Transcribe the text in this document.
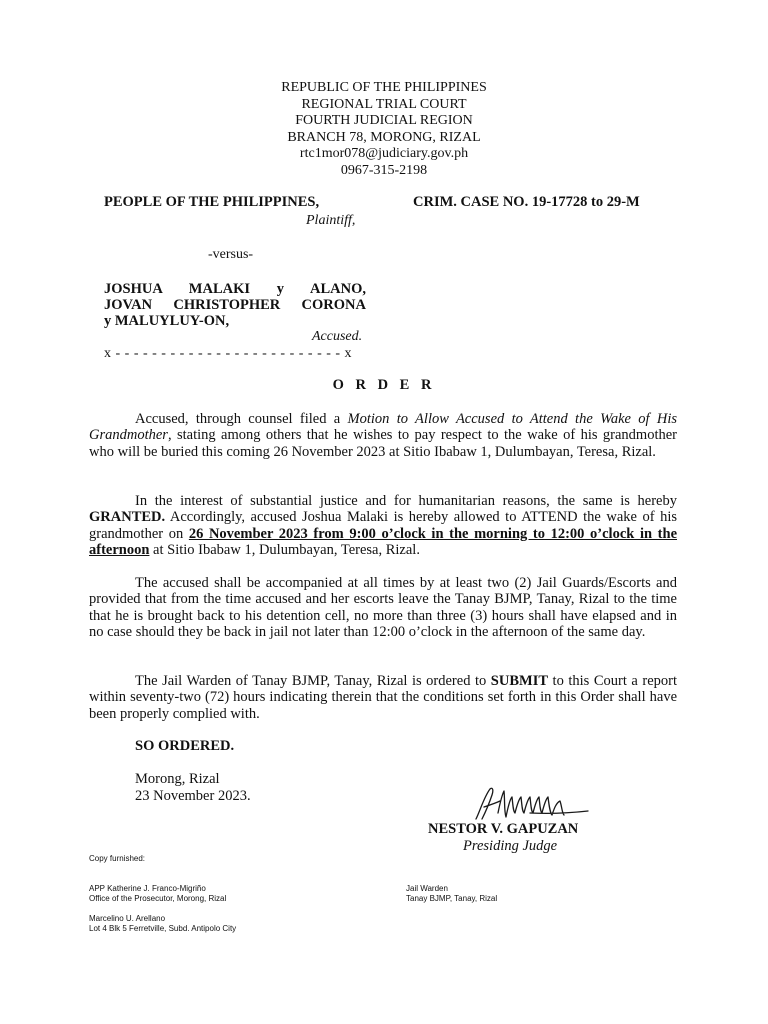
REPUBLIC OF THE PHILIPPINES
REGIONAL TRIAL COURT
FOURTH JUDICIAL REGION
BRANCH 78, MORONG, RIZAL
rtc1mor078@judiciary.gov.ph
0967-315-2198
PEOPLE OF THE PHILIPPINES,
Plaintiff,
CRIM. CASE NO. 19-17728 to 29-M
-versus-
JOSHUA MALAKI y ALANO,
JOVAN CHRISTOPHER CORONA
y MALUYLUY-ON,
Accused.
x - - - - - - - - - - - - - - - - - - - - - - - - - x
O R D E R
Accused, through counsel filed a Motion to Allow Accused to Attend the Wake of His Grandmother, stating among others that he wishes to pay respect to the wake of his grandmother who will be buried this coming 26 November 2023 at Sitio Ibabaw 1, Dulumbayan, Teresa, Rizal.
In the interest of substantial justice and for humanitarian reasons, the same is hereby GRANTED. Accordingly, accused Joshua Malaki is hereby allowed to ATTEND the wake of his grandmother on 26 November 2023 from 9:00 o’clock in the morning to 12:00 o’clock in the afternoon at Sitio Ibabaw 1, Dulumbayan, Teresa, Rizal.
The accused shall be accompanied at all times by at least two (2) Jail Guards/Escorts and provided that from the time accused and her escorts leave the Tanay BJMP, Tanay, Rizal to the time that he is brought back to his detention cell, no more than three (3) hours shall have elapsed and in no case should they be back in jail not later than 12:00 o’clock in the afternoon of the same day.
The Jail Warden of Tanay BJMP, Tanay, Rizal is ordered to SUBMIT to this Court a report within seventy-two (72) hours indicating therein that the conditions set forth in this Order shall have been properly complied with.
SO ORDERED.
Morong, Rizal
23 November 2023.
NESTOR V. GAPUZAN
Presiding Judge
Copy furnished:
APP Katherine J. Franco-Migriño
Office of the Prosecutor, Morong, Rizal
Jail Warden
Tanay BJMP, Tanay, Rizal
Marcelino U. Arellano
Lot 4 Blk 5 Ferretville, Subd. Antipolo City
